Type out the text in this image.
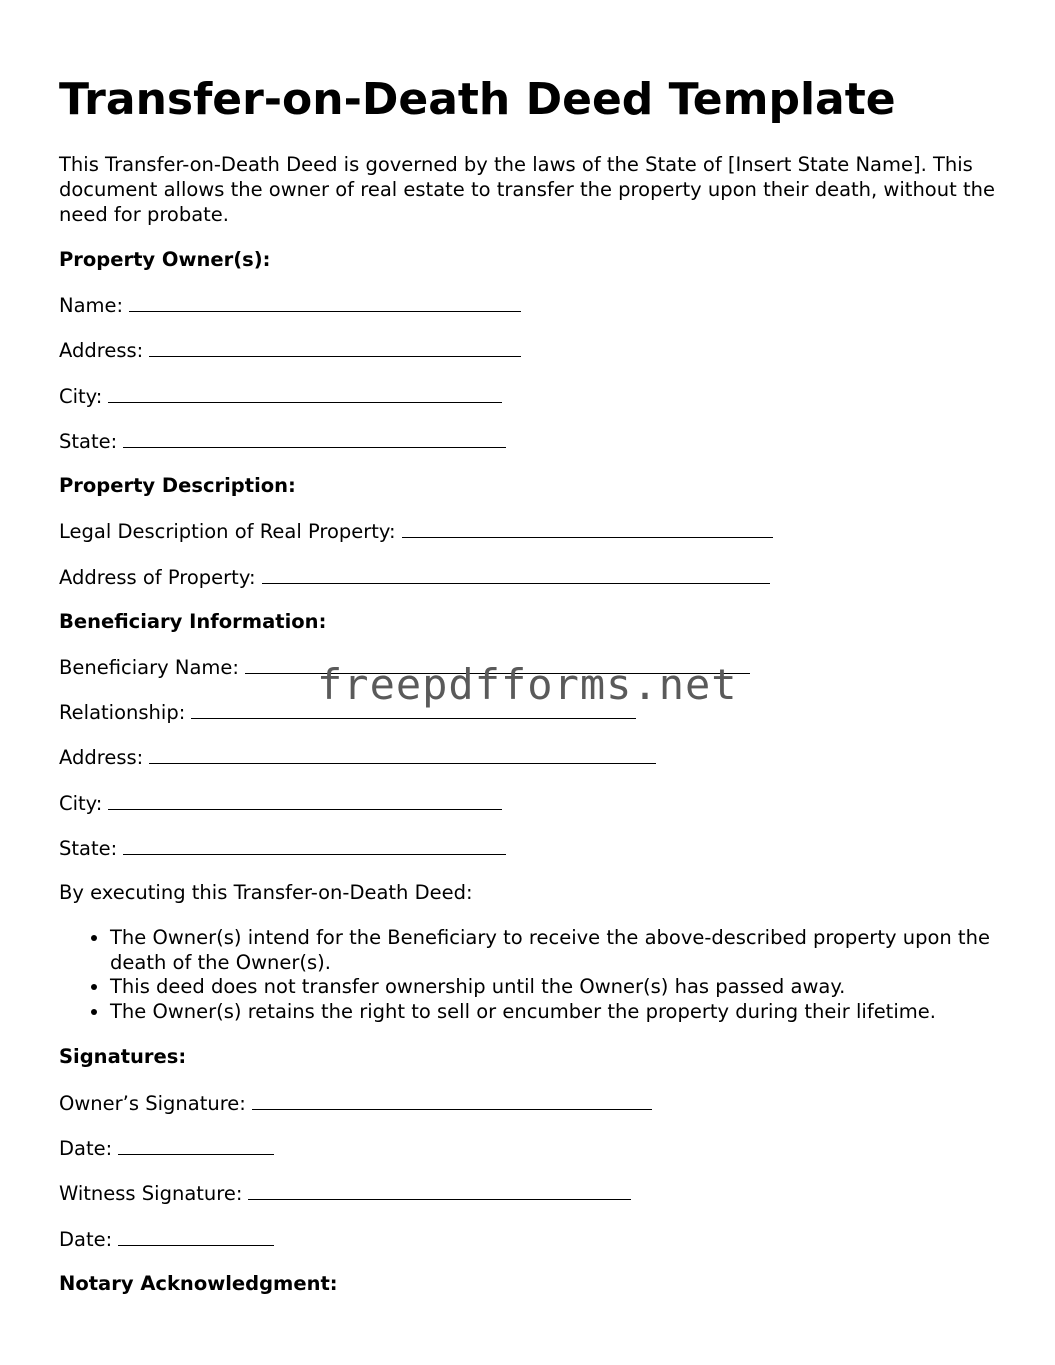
Transfer-on-Death Deed Template

This Transfer-on-Death Deed is governed by the laws of the State of [Insert State Name]. This document allows the owner of real estate to transfer the property upon their death, without the need for probate.

Property Owner(s):
Name:
Address:
City:
State:
Property Description:
Legal Description of Real Property:
Address of Property:
Beneficiary Information:
Beneficiary Name:
Relationship:
Address:
City:
State:
By executing this Transfer-on-Death Deed:
• The Owner(s) intend for the Beneficiary to receive the above-described property upon the death of the Owner(s).
• This deed does not transfer ownership until the Owner(s) has passed away.
• The Owner(s) retains the right to sell or encumber the property during their lifetime.
Signatures:
Owner’s Signature:
Date:
Witness Signature:
Date:
Notary Acknowledgment:
freepdfforms.net
